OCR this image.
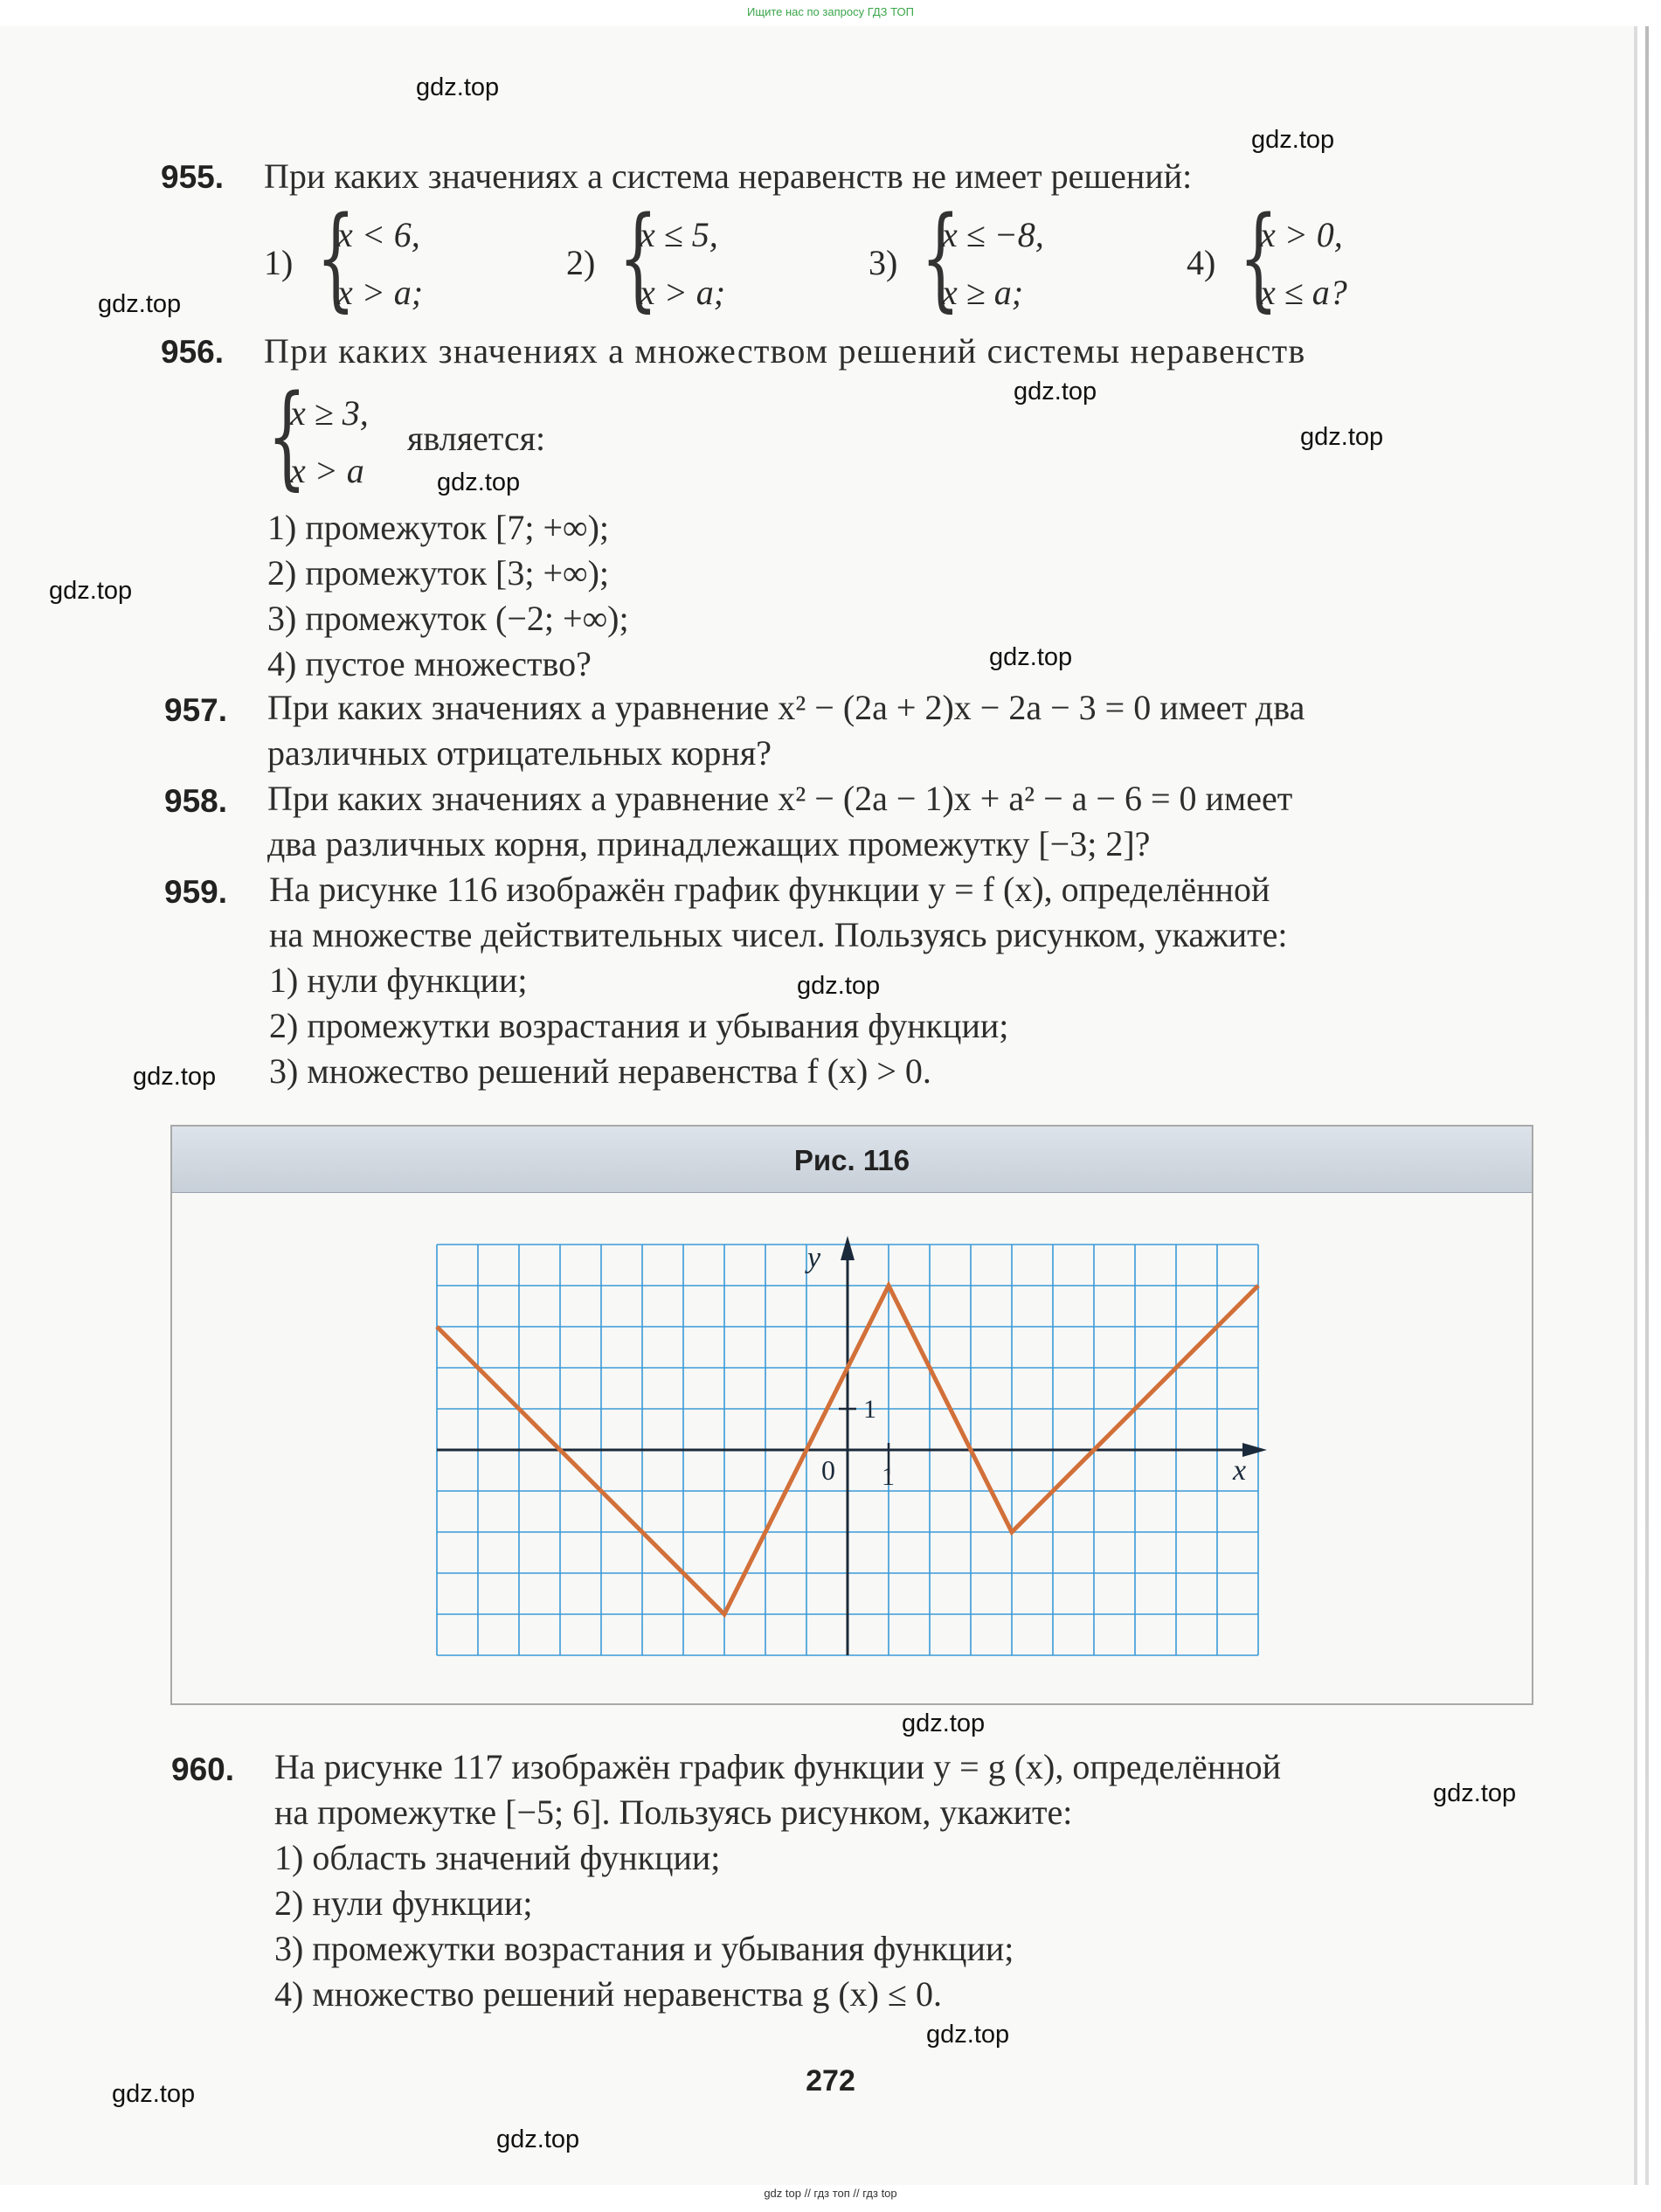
Ищите нас по запросу ГДЗ ТОП
gdz.top
gdz.top
gdz.top
gdz.top
gdz.top
gdz.top
gdz.top
gdz.top
gdz.top
gdz.top
gdz.top
gdz.top
gdz.top
gdz.top
gdz.top
955. При каких значениях a система неравенств не имеет решений:
1) {
x < 6,
x > a;
2) {
x ≤ 5,
x > a;
3) {
x ≤ −8,
x ≥ a;
4) {
x > 0,
x ≤ a?
956. При каких значениях a множеством решений системы неравенств
{
x ≥ 3,
x > a
является:
1) промежуток [7; +∞);
2) промежуток [3; +∞);
3) промежуток (−2; +∞);
4) пустое множество?
957. При каких значениях a уравнение x² − (2a + 2)x − 2a − 3 = 0 имеет два
различных отрицательных корня?
958. При каких значениях a уравнение x² − (2a − 1)x + a² − a − 6 = 0 имеет
два различных корня, принадлежащих промежутку [−3; 2]?
959. На рисунке 116 изображён график функции y = f (x), определённой
на множестве действительных чисел. Пользуясь рисунком, укажите:
1) нули функции;
2) промежутки возрастания и убывания функции;
3) множество решений неравенства f (x) > 0.
Рис. 116
x
y
0 1
1
960. На рисунке 117 изображён график функции y = g (x), определённой
на промежутке [−5; 6]. Пользуясь рисунком, укажите:
1) область значений функции;
2) нули функции;
3) промежутки возрастания и убывания функции;
4) множество решений неравенства g (x) ≤ 0.
272
gdz top // гдз топ // гдз top
